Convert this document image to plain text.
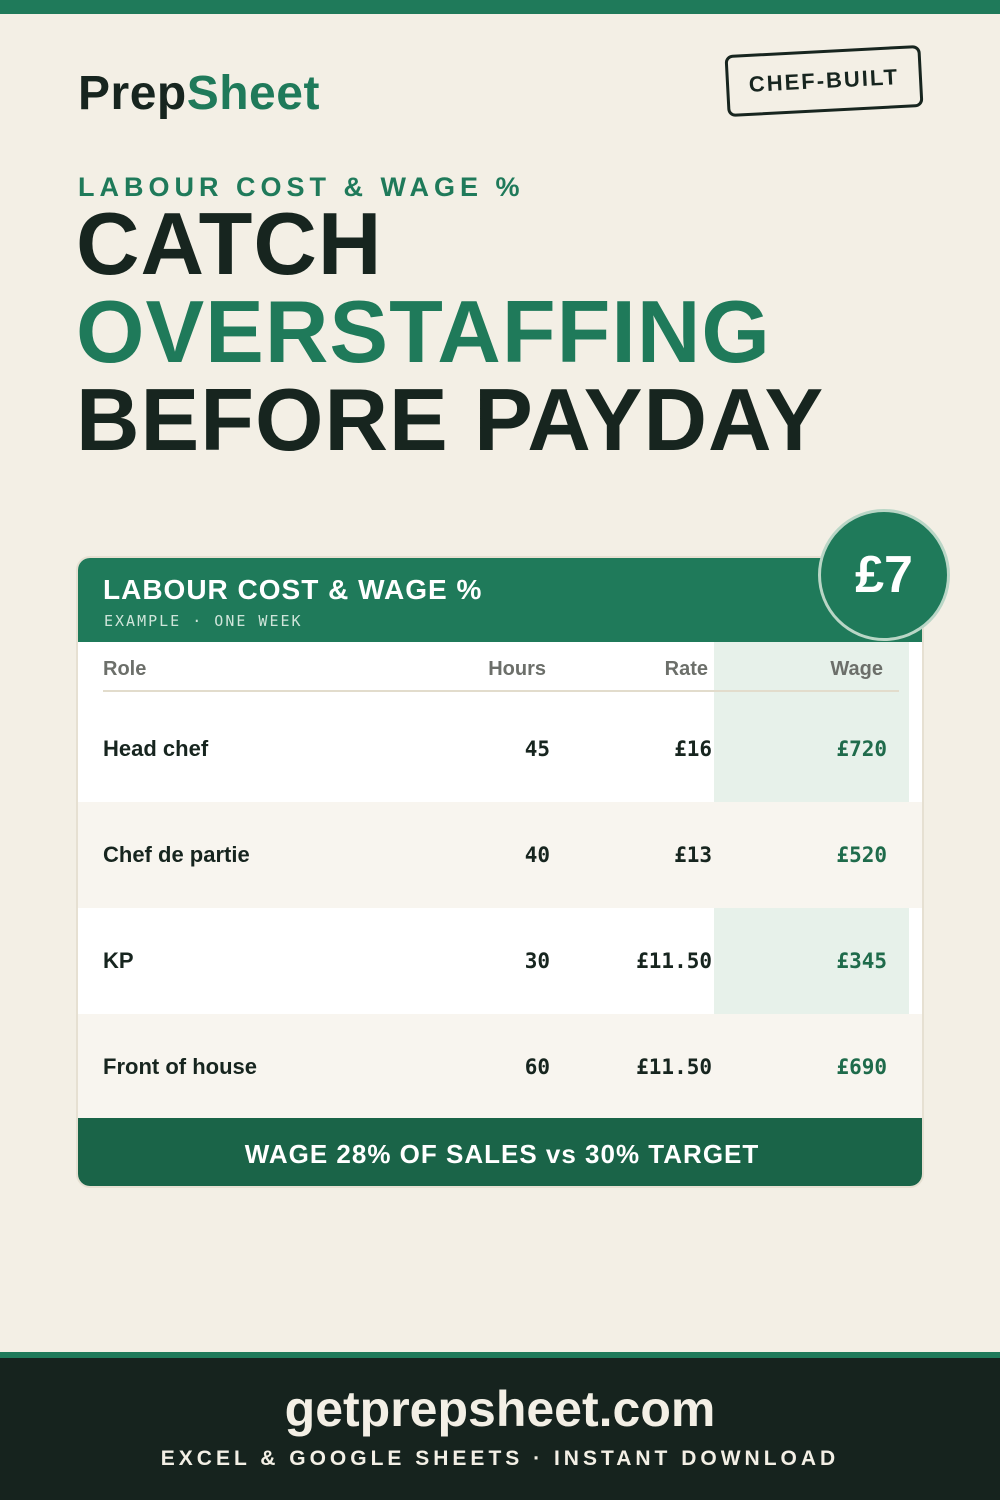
PrepSheet	CHEF-BUILT
LABOUR COST & WAGE %
CATCH
OVERSTAFFING
BEFORE PAYDAY
LABOUR COST & WAGE %
EXAMPLE · ONE WEEK
Role	Hours	Rate	Wage
Head chef	45	£16	£720
Chef de partie	40	£13	£520
KP	30	£11.50	£345
Front of house	60	£11.50	£690
WAGE 28% OF SALES vs 30% TARGET
£7
getprepsheet.com
EXCEL & GOOGLE SHEETS · INSTANT DOWNLOAD
